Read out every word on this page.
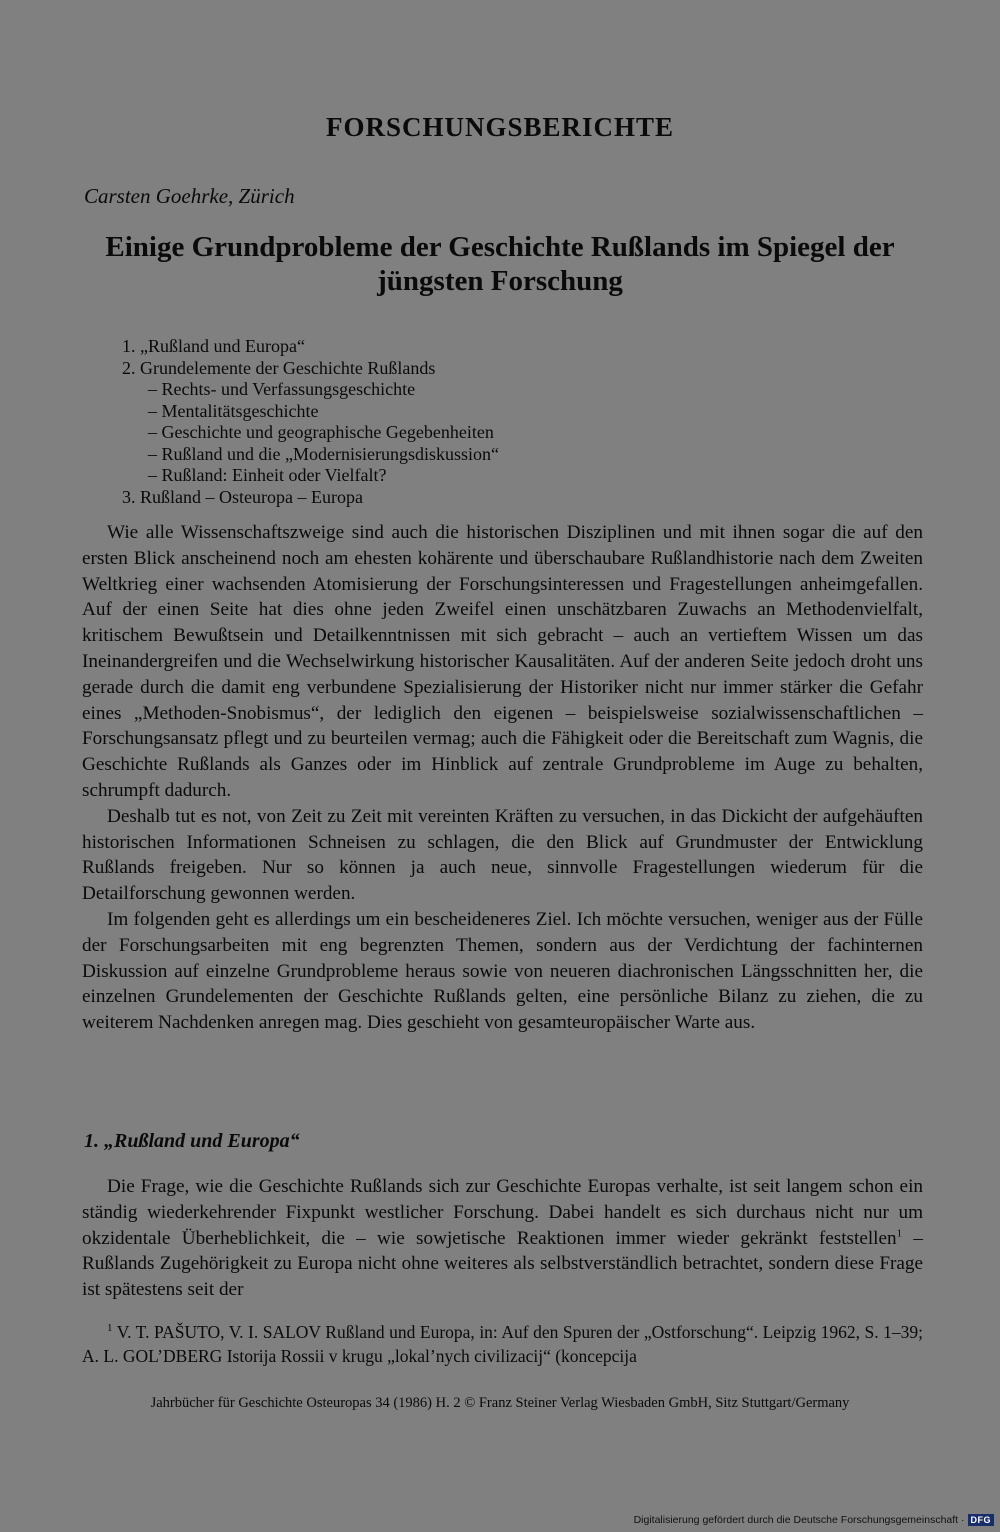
FORSCHUNGSBERICHTE

Carsten Goehrke, Zürich

Einige Grundprobleme der Geschichte Rußlands im Spiegel der jüngsten Forschung
1. „Rußland und Europa“
2. Grundelemente der Geschichte Rußlands
– Rechts- und Verfassungsgeschichte
– Mentalitätsgeschichte
– Geschichte und geographische Gegebenheiten
– Rußland und die „Modernisierungsdiskussion“
– Rußland: Einheit oder Vielfalt?
3. Rußland – Osteuropa – Europa

Wie alle Wissenschaftszweige sind auch die historischen Disziplinen und mit ihnen sogar die auf den ersten Blick anscheinend noch am ehesten kohärente und überschaubare Rußlandhistorie nach dem Zweiten Weltkrieg einer wachsenden Atomisierung der Forschungsinteressen und Fragestellungen anheimgefallen. Auf der einen Seite hat dies ohne jeden Zweifel einen unschätzbaren Zuwachs an Methodenvielfalt, kritischem Bewußtsein und Detailkenntnissen mit sich gebracht – auch an vertieftem Wissen um das Ineinandergreifen und die Wechselwirkung historischer Kausalitäten. Auf der anderen Seite jedoch droht uns gerade durch die damit eng verbundene Spezialisierung der Historiker nicht nur immer stärker die Gefahr eines „Methoden-Snobismus“, der lediglich den eigenen – beispielsweise sozialwissenschaftlichen – Forschungsansatz pflegt und zu beurteilen vermag; auch die Fähigkeit oder die Bereitschaft zum Wagnis, die Geschichte Rußlands als Ganzes oder im Hinblick auf zentrale Grundprobleme im Auge zu behalten, schrumpft dadurch.

Deshalb tut es not, von Zeit zu Zeit mit vereinten Kräften zu versuchen, in das Dickicht der aufgehäuften historischen Informationen Schneisen zu schlagen, die den Blick auf Grundmuster der Entwicklung Rußlands freigeben. Nur so können ja auch neue, sinnvolle Fragestellungen wiederum für die Detailforschung gewonnen werden.

Im folgenden geht es allerdings um ein bescheideneres Ziel. Ich möchte versuchen, weniger aus der Fülle der Forschungsarbeiten mit eng begrenzten Themen, sondern aus der Verdichtung der fachinternen Diskussion auf einzelne Grundprobleme heraus sowie von neueren diachronischen Längsschnitten her, die einzelnen Grundelementen der Geschichte Rußlands gelten, eine persönliche Bilanz zu ziehen, die zu weiterem Nachdenken anregen mag. Dies geschieht von gesamteuropäischer Warte aus.

1. „Rußland und Europa“

Die Frage, wie die Geschichte Rußlands sich zur Geschichte Europas verhalte, ist seit langem schon ein ständig wiederkehrender Fixpunkt westlicher Forschung. Dabei handelt es sich durchaus nicht nur um okzidentale Überheblichkeit, die – wie sowjetische Reaktionen immer wieder gekränkt feststellen$^1$ – Rußlands Zugehörigkeit zu Europa nicht ohne weiteres als selbstverständlich betrachtet, sondern diese Frage ist spätestens seit der

$^1$ V. T. PAŠUTO, V. I. SALOV Rußland und Europa, in: Auf den Spuren der „Ostforschung“. Leipzig 1962, S. 1–39; A. L. GOL’DBERG Istorija Rossii v krugu „lokal’nych civilizacij“ (koncepcija

Jahrbücher für Geschichte Osteuropas 34 (1986) H. 2 © Franz Steiner Verlag Wiesbaden GmbH, Sitz Stuttgart/Germany

Digitalisierung gefördert durch die Deutsche Forschungsgemeinschaft · DFG
